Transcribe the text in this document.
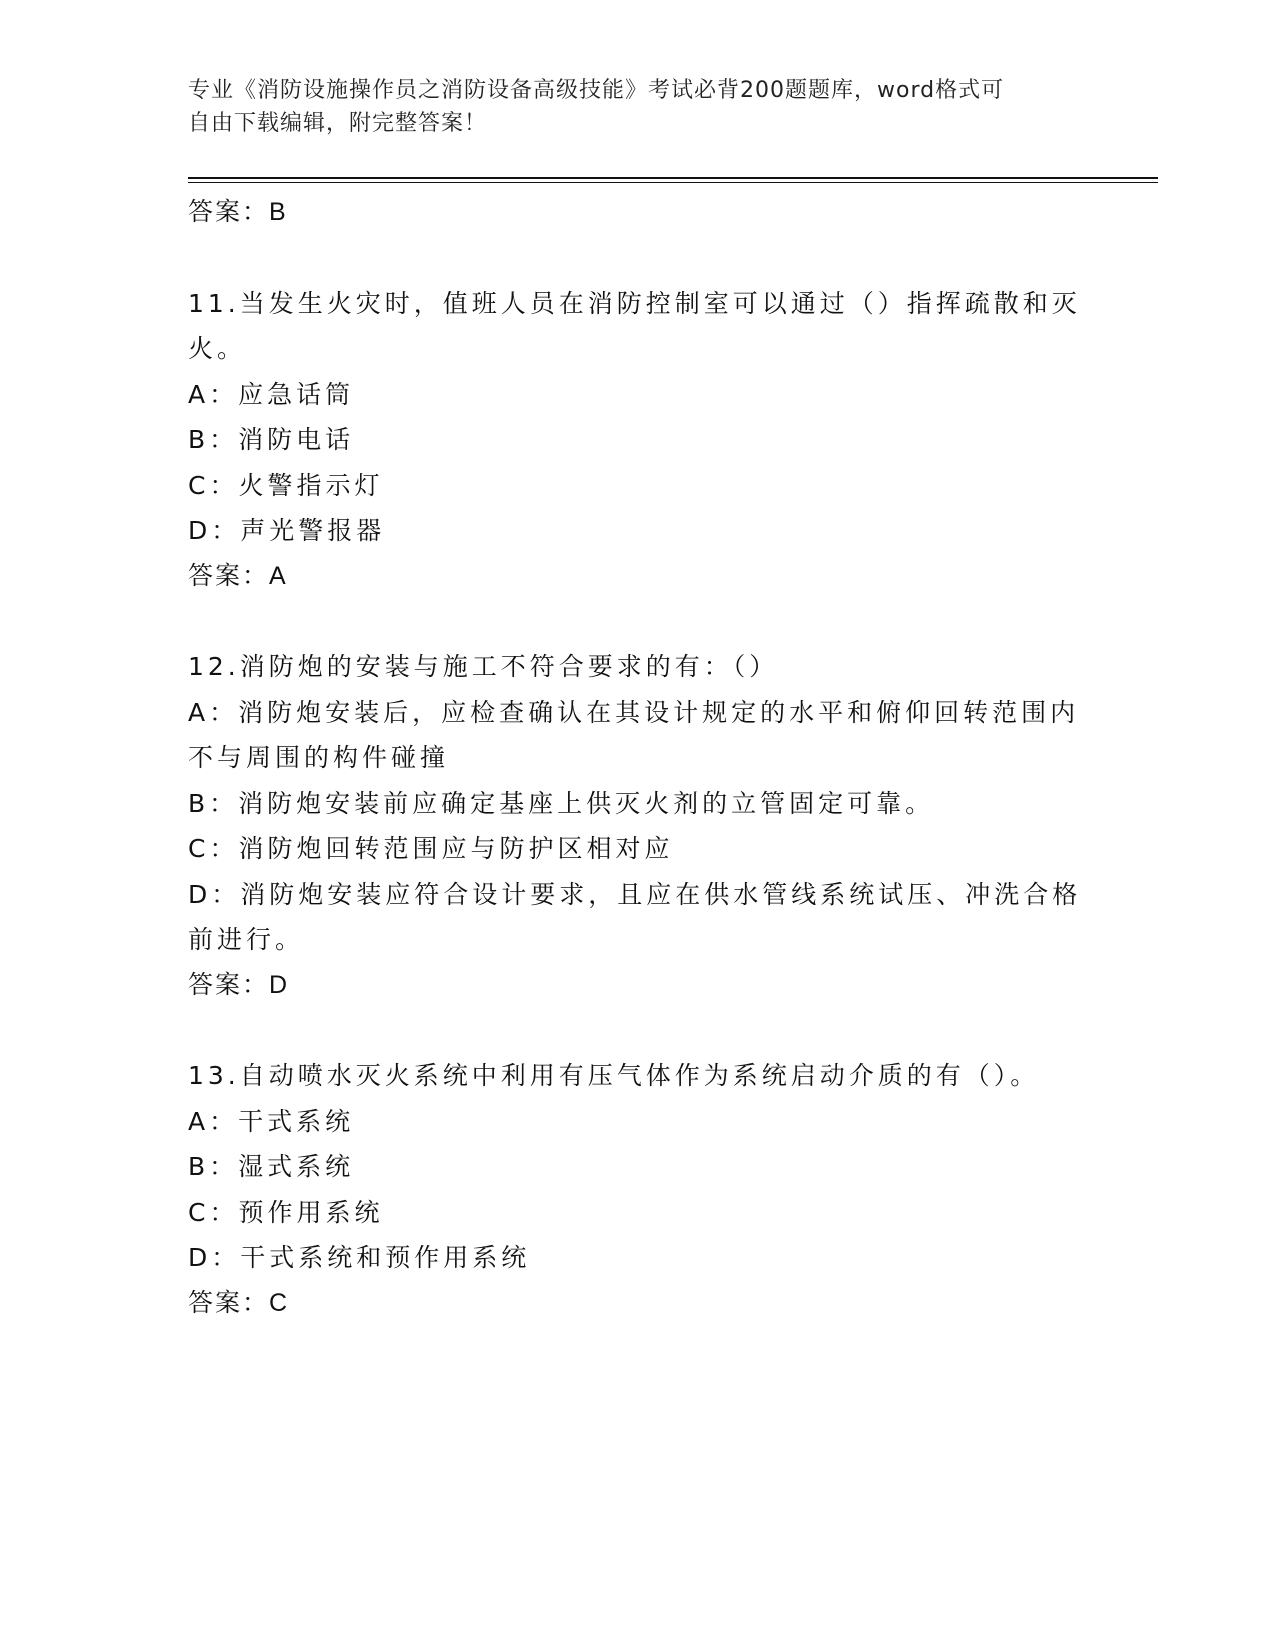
专业《消防设施操作员之消防设备高级技能》考试必背200题题库，word格式可
自由下载编辑，附完整答案！
答案：B
11.当发生火灾时，值班人员在消防控制室可以通过（）指挥疏散和灭
火。
A：应急话筒
B：消防电话
C：火警指示灯
D：声光警报器
答案：A
12.消防炮的安装与施工不符合要求的有：（）
A：消防炮安装后，应检查确认在其设计规定的水平和俯仰回转范围内
不与周围的构件碰撞
B：消防炮安装前应确定基座上供灭火剂的立管固定可靠。
C：消防炮回转范围应与防护区相对应
D：消防炮安装应符合设计要求，且应在供水管线系统试压、冲洗合格
前进行。
答案：D
13.自动喷水灭火系统中利用有压气体作为系统启动介质的有（）。
A：干式系统
B：湿式系统
C：预作用系统
D：干式系统和预作用系统
答案：C
